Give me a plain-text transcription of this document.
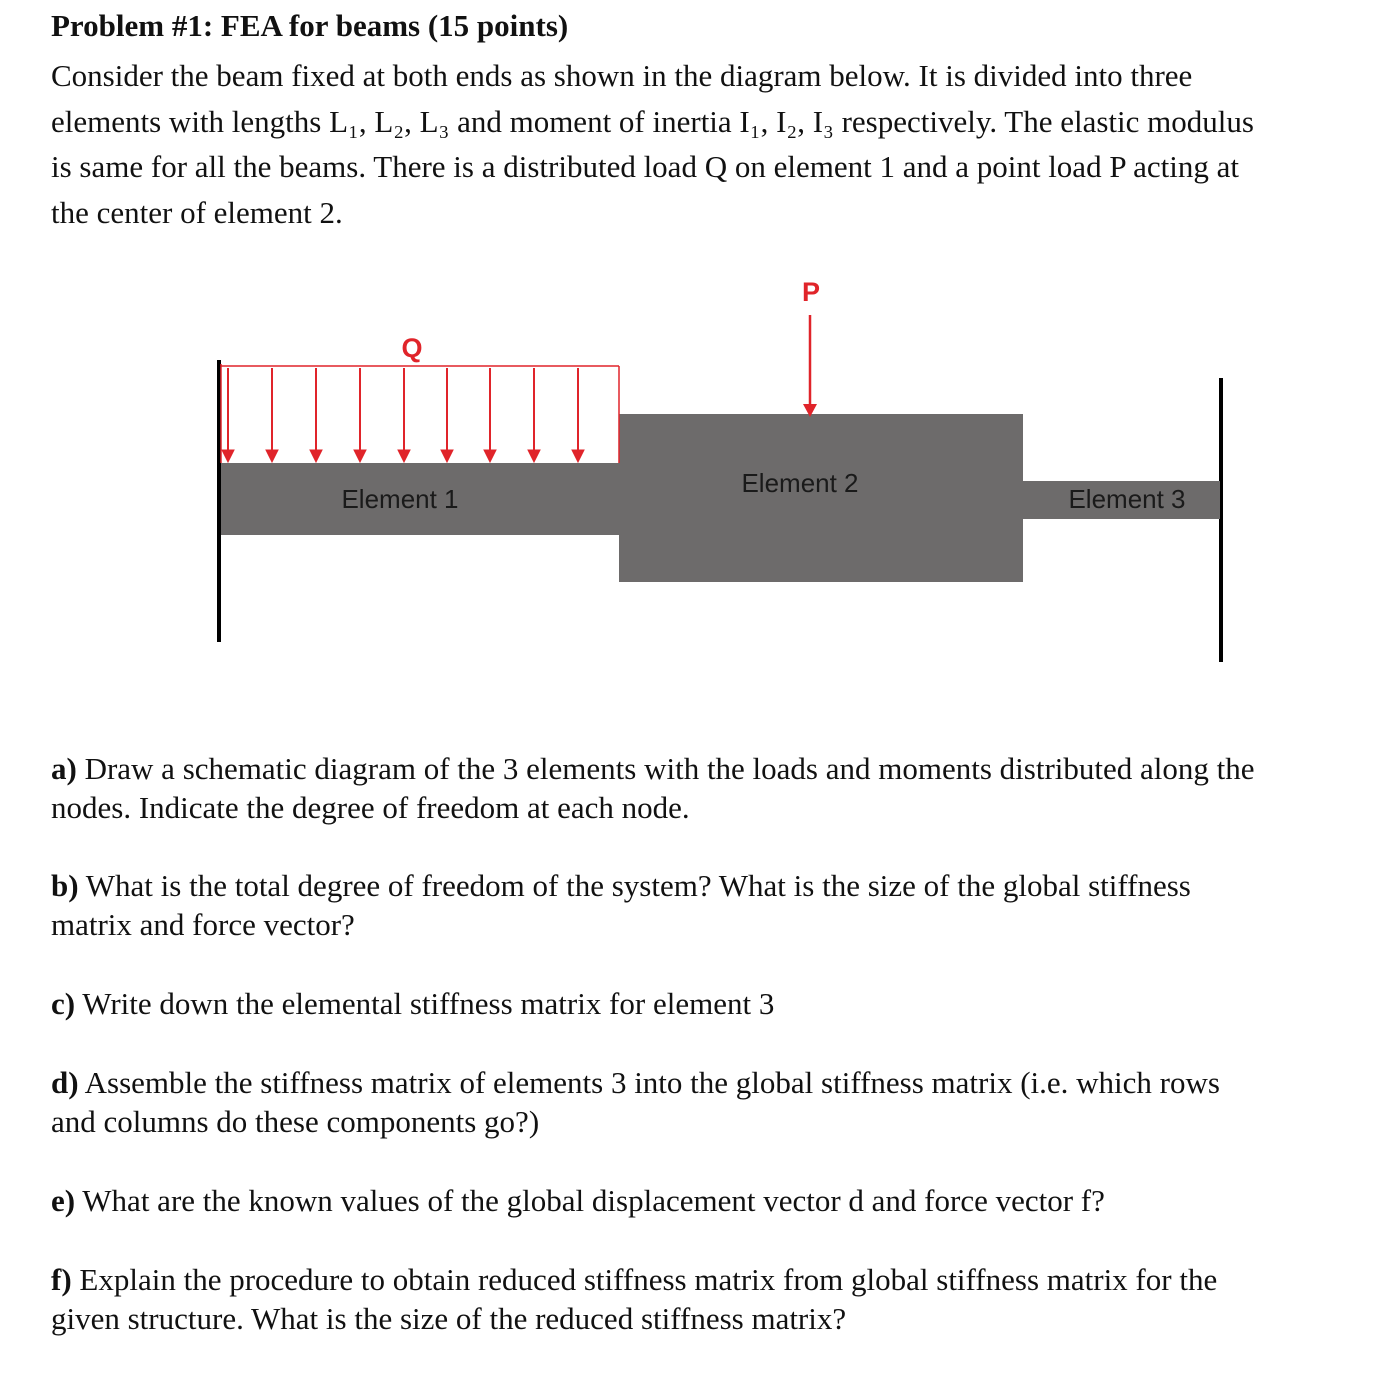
Problem #1: FEA for beams (15 points)
Consider the beam fixed at both ends as shown in the diagram below. It is divided into three
elements with lengths L₁, L₂, L₃ and moment of inertia I₁, I₂, I₃ respectively. The elastic modulus
is same for all the beams. There is a distributed load Q on element 1 and a point load P acting at
the center of element 2.
Q
P
Element 1
Element 2
Element 3
a) Draw a schematic diagram of the 3 elements with the loads and moments distributed along the
nodes. Indicate the degree of freedom at each node.
b) What is the total degree of freedom of the system? What is the size of the global stiffness
matrix and force vector?
c) Write down the elemental stiffness matrix for element 3
d) Assemble the stiffness matrix of elements 3 into the global stiffness matrix (i.e. which rows
and columns do these components go?)
e) What are the known values of the global displacement vector d and force vector f?
f) Explain the procedure to obtain reduced stiffness matrix from global stiffness matrix for the
given structure. What is the size of the reduced stiffness matrix?
